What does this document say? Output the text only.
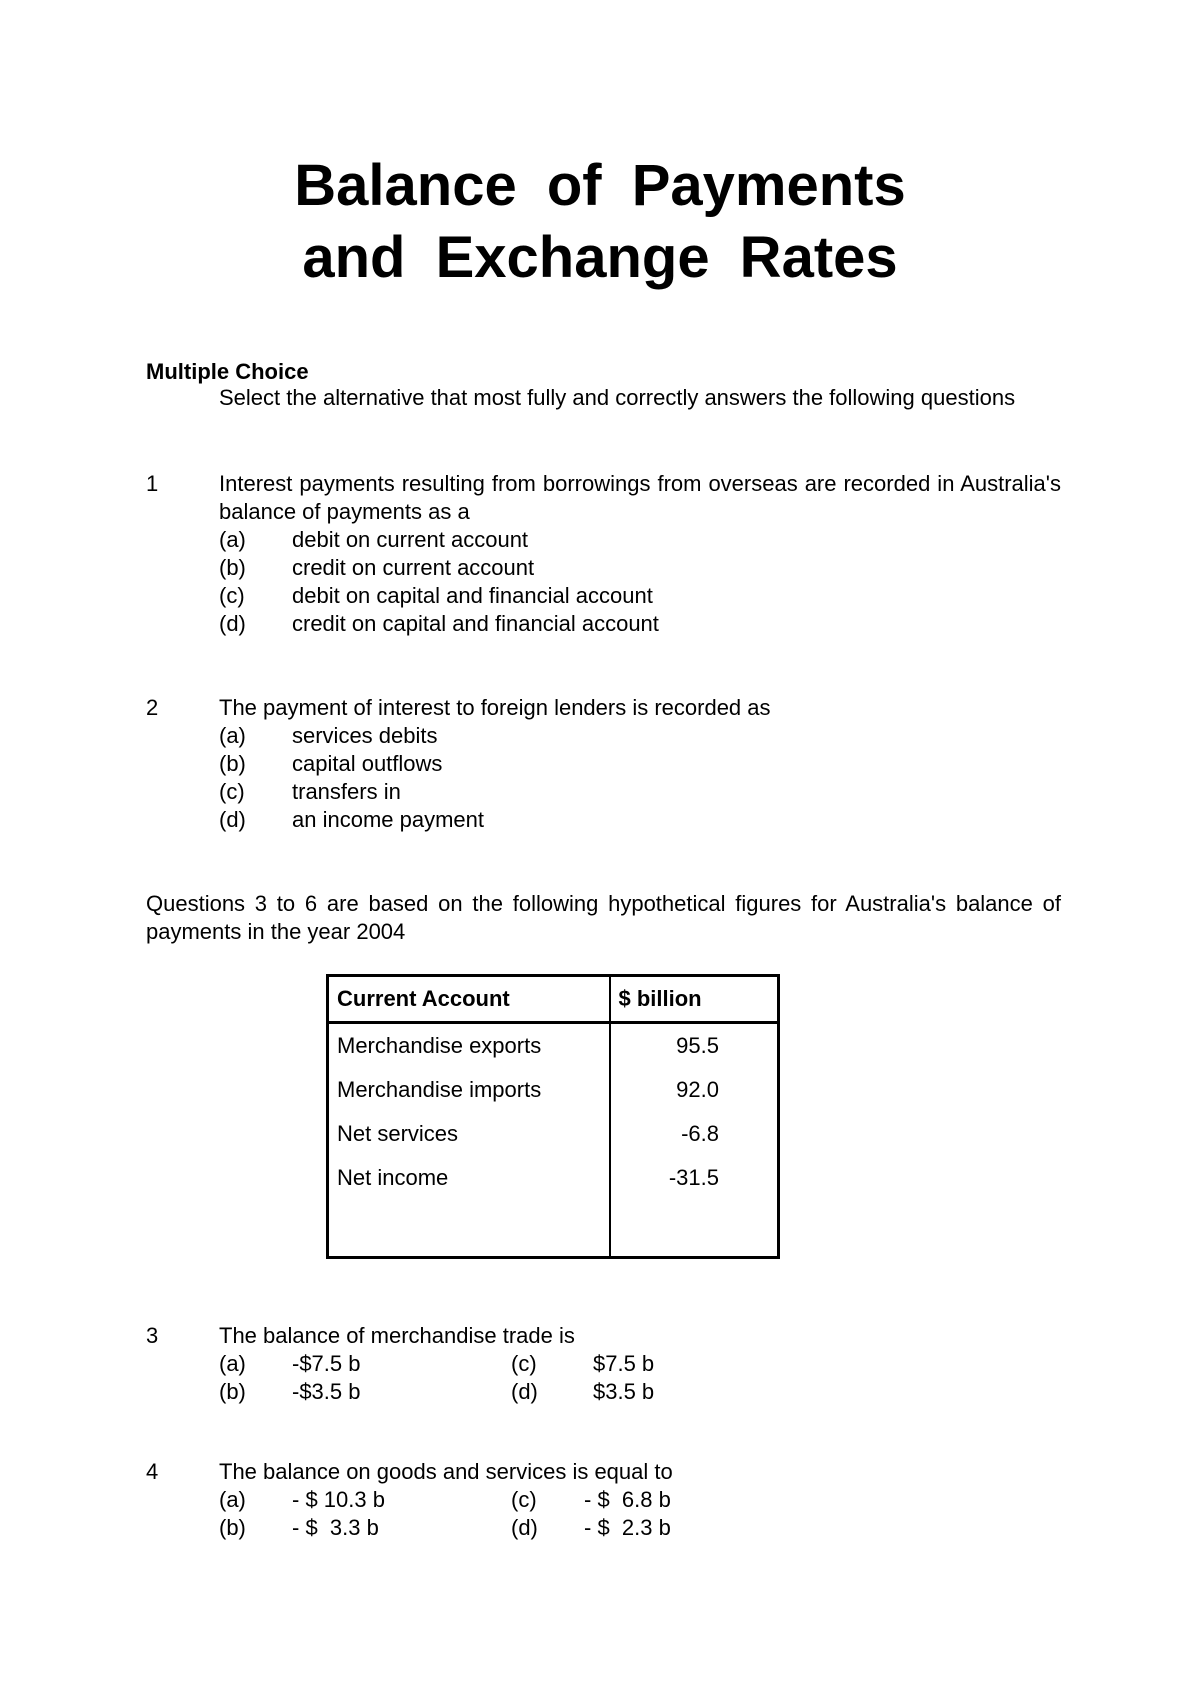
Balance of Payments
and Exchange Rates
Multiple Choice
Select the alternative that most fully and correctly answers the following questions
1	Interest payments resulting from borrowings from overseas are recorded in Australia's balance of payments as a
(a) debit on current account
(b) credit on current account
(c) debit on capital and financial account
(d) credit on capital and financial account
2	The payment of interest to foreign lenders is recorded as
(a) services debits
(b) capital outflows
(c) transfers in
(d) an income payment
Questions 3 to 6 are based on the following hypothetical figures for Australia's balance of payments in the year 2004
Current Account	$ billion
Merchandise exports	95.5
Merchandise imports	92.0
Net services	-6.8
Net income	-31.5

3	The balance of merchandise trade is
(a) -$7.5 b
(b) -$3.5 b
(c)	$7.5 b
(d)	$3.5 b
4	The balance on goods and services is equal to
(a) - $ 10.3 b
(b) - $  3.3 b
(c) - $  6.8 b
(d) - $  2.3 b
